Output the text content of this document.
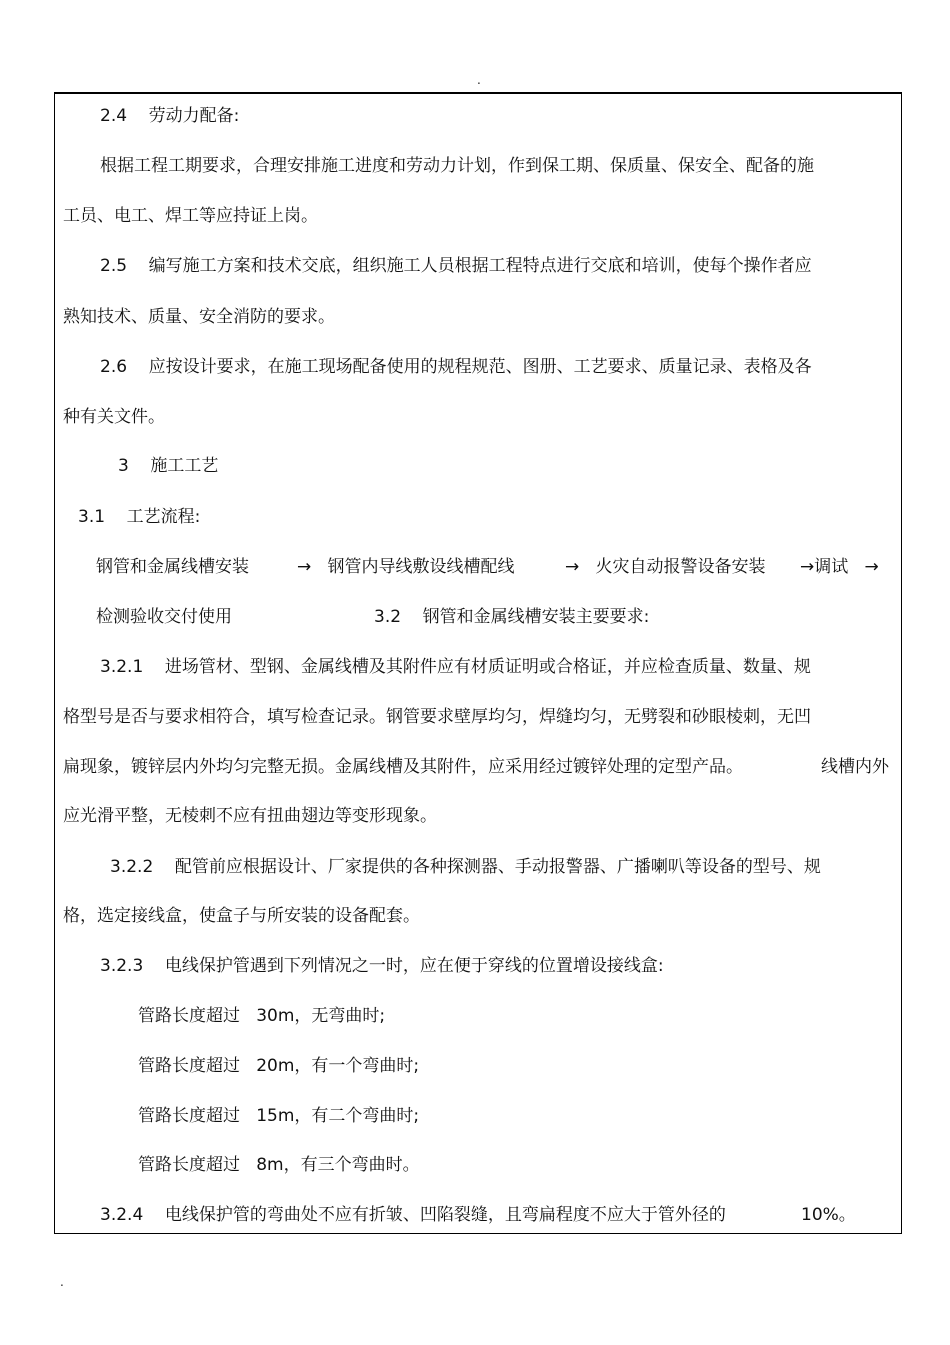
.
2.4    劳动力配备:
根据工程工期要求，合理安排施工进度和劳动力计划，作到保工期、保质量、保安全、配备的施
工员、电工、焊工等应持证上岗。
2.5    编写施工方案和技术交底，组织施工人员根据工程特点进行交底和培训，使每个操作者应
熟知技术、质量、安全消防的要求。
2.6    应按设计要求，在施工现场配备使用的规程规范、图册、工艺要求、质量记录、表格及各
种有关文件。
3    施工工艺
3.1    工艺流程:
钢管和金属线槽安装	→   钢管内导线敷设线槽配线	→   火灾自动报警设备安装 →调试   →
检测验收交付使用	3.2    钢管和金属线槽安装主要要求:
3.2.1    进场管材、型钢、金属线槽及其附件应有材质证明或合格证，并应检查质量、数量、规
格型号是否与要求相符合，填写检查记录。钢管要求壁厚均匀，焊缝均匀，无劈裂和砂眼棱刺，无凹
扁现象，镀锌层内外均匀完整无损。金属线槽及其附件，应采用经过镀锌处理的定型产品。	线槽内外
应光滑平整，无棱刺不应有扭曲翅边等变形现象。
3.2.2    配管前应根据设计、厂家提供的各种探测器、手动报警器、广播喇叭等设备的型号、规
格，选定接线盒，使盒子与所安装的设备配套。
3.2.3    电线保护管遇到下列情况之一时，应在便于穿线的位置增设接线盒:
管路长度超过   30m，无弯曲时;
管路长度超过   20m，有一个弯曲时;
管路长度超过   15m，有二个弯曲时;
管路长度超过   8m，有三个弯曲时。
3.2.4    电线保护管的弯曲处不应有折皱、凹陷裂缝，且弯扁程度不应大于管外径的	10%。
.
